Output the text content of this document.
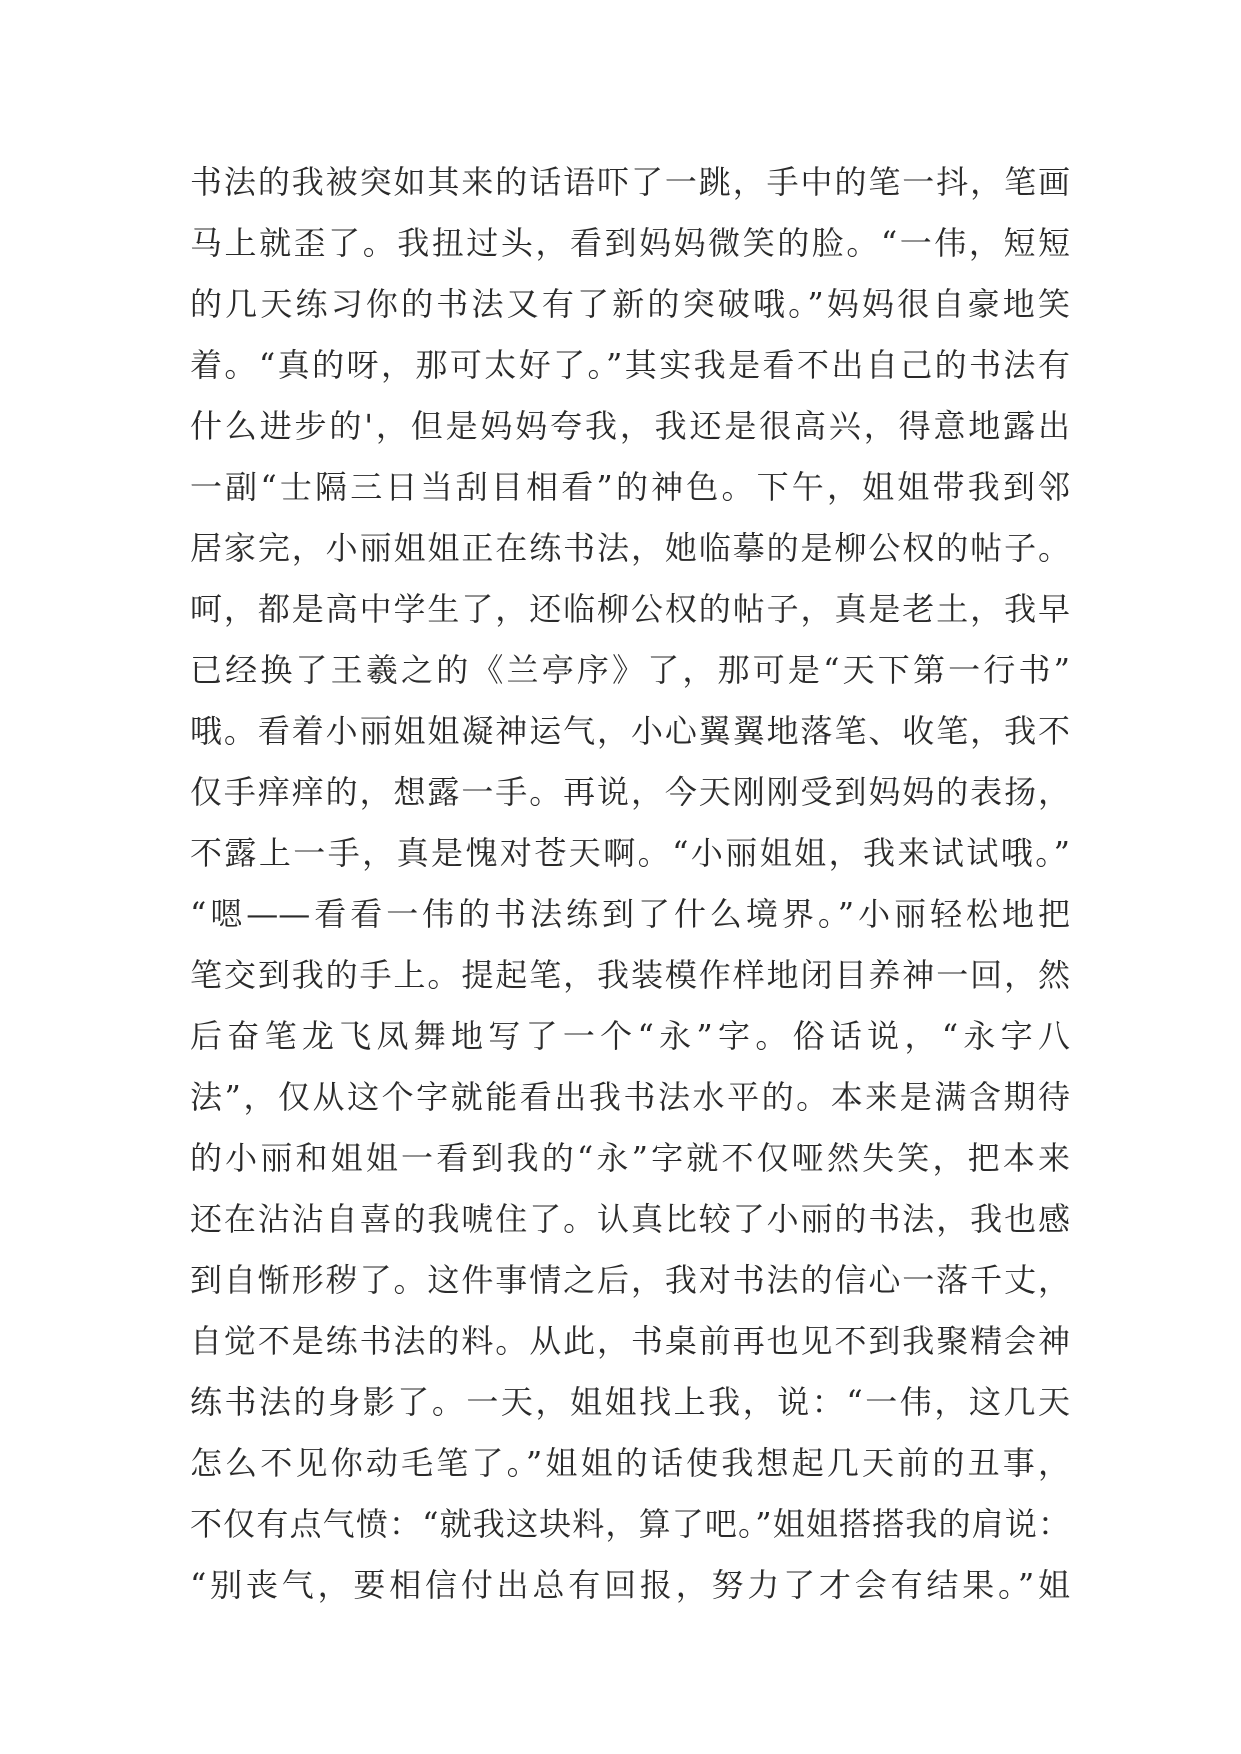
书法的我被突如其来的话语吓了一跳，手中的笔一抖，笔画
马上就歪了。我扭过头，看到妈妈微笑的脸。“一伟，短短
的几天练习你的书法又有了新的突破哦。”妈妈很自豪地笑
着。“真的呀，那可太好了。”其实我是看不出自己的书法有
什么进步的'，但是妈妈夸我，我还是很高兴，得意地露出
一副“士隔三日当刮目相看”的神色。下午，姐姐带我到邻
居家完，小丽姐姐正在练书法，她临摹的是柳公权的帖子。
呵，都是高中学生了，还临柳公权的帖子，真是老土，我早
已经换了王羲之的《兰亭序》了，那可是“天下第一行书”
哦。看着小丽姐姐凝神运气，小心翼翼地落笔、收笔，我不
仅手痒痒的，想露一手。再说，今天刚刚受到妈妈的表扬，
不露上一手，真是愧对苍天啊。“小丽姐姐，我来试试哦。”
“嗯——看看一伟的书法练到了什么境界。”小丽轻松地把
笔交到我的手上。提起笔，我装模作样地闭目养神一回，然
后奋笔龙飞凤舞地写了一个“永”字。俗话说，“永字八
法”，仅从这个字就能看出我书法水平的。本来是满含期待
的小丽和姐姐一看到我的“永”字就不仅哑然失笑，把本来
还在沾沾自喜的我唬住了。认真比较了小丽的书法，我也感
到自惭形秽了。这件事情之后，我对书法的信心一落千丈，
自觉不是练书法的料。从此，书桌前再也见不到我聚精会神
练书法的身影了。一天，姐姐找上我，说：“一伟，这几天
怎么不见你动毛笔了。”姐姐的话使我想起几天前的丑事，
不仅有点气愤：“就我这块料，算了吧。”姐姐搭搭我的肩说：
“别丧气，要相信付出总有回报，努力了才会有结果。”姐
